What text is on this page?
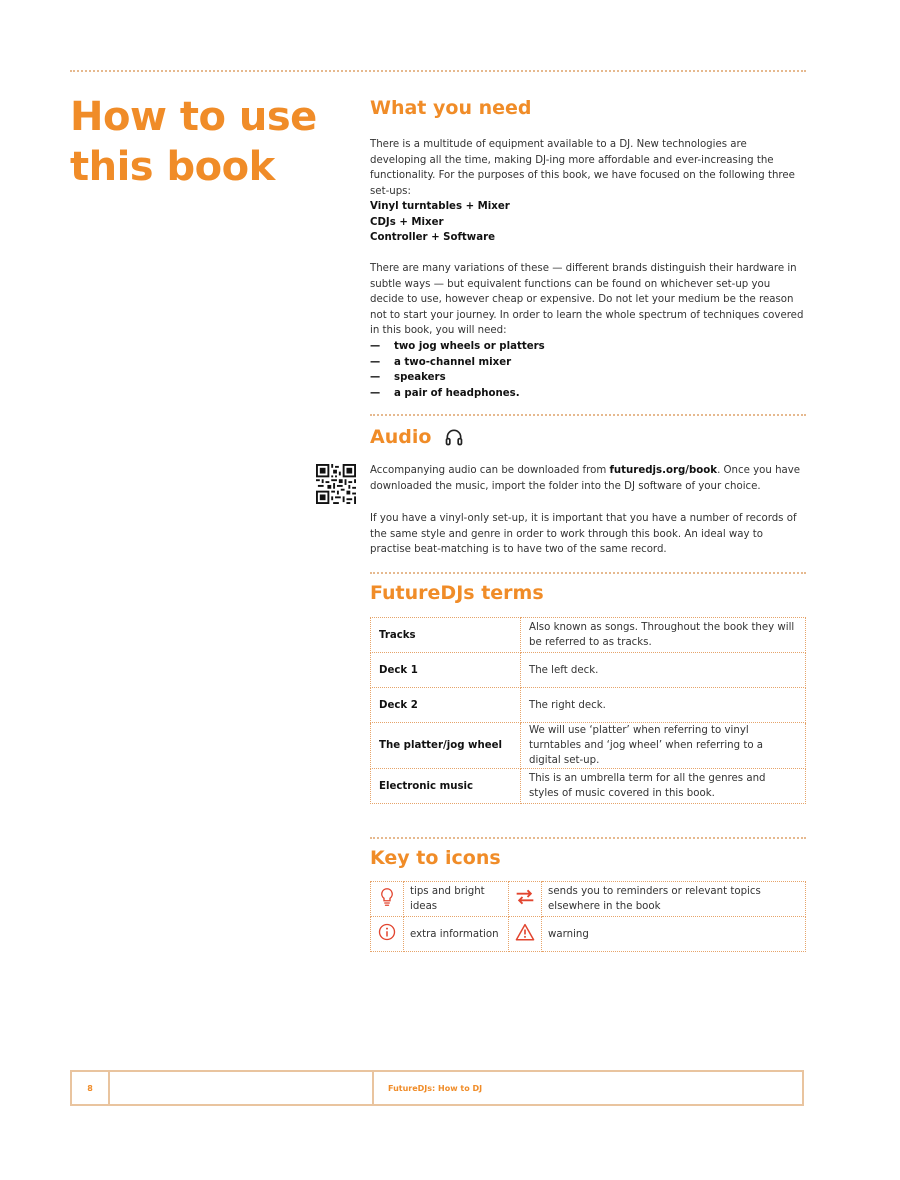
How to use
this book
What you need

There is a multitude of equipment available to a DJ. New technologies are developing all the time, making DJ-ing more affordable and ever-increasing the functionality. For the purposes of this book, we have focused on the following three set-ups:

Vinyl turntables + Mixer
CDJs + Mixer
Controller + Software

There are many variations of these — different brands distinguish their hardware in subtle ways — but equivalent functions can be found on whichever set-up you decide to use, however cheap or expensive. Do not let your medium be the reason not to start your journey. In order to learn the whole spectrum of techniques covered in this book, you will need:

— two jog wheels or platters
— a two-channel mixer
— speakers
— a pair of headphones.
Audio

Accompanying audio can be downloaded from futuredjs.org/book. Once you have downloaded the music, import the folder into the DJ software of your choice.

If you have a vinyl-only set-up, it is important that you have a number of records of the same style and genre in order to work through this book. An ideal way to practise beat-matching is to have two of the same record.

FutureDJs terms
Tracks	Also known as songs. Throughout the book they will be referred to as tracks.
Deck 1	The left deck.
Deck 2	The right deck.
The platter/jog wheel	We will use ‘platter’ when referring to vinyl turntables and ‘jog wheel’ when referring to a digital set-up.
Electronic music	This is an umbrella term for all the genres and styles of music covered in this book.
Key to icons
	tips and bright ideas		sends you to reminders or relevant topics elsewhere in the book
	extra information		warning
8	FutureDJs: How to DJ
